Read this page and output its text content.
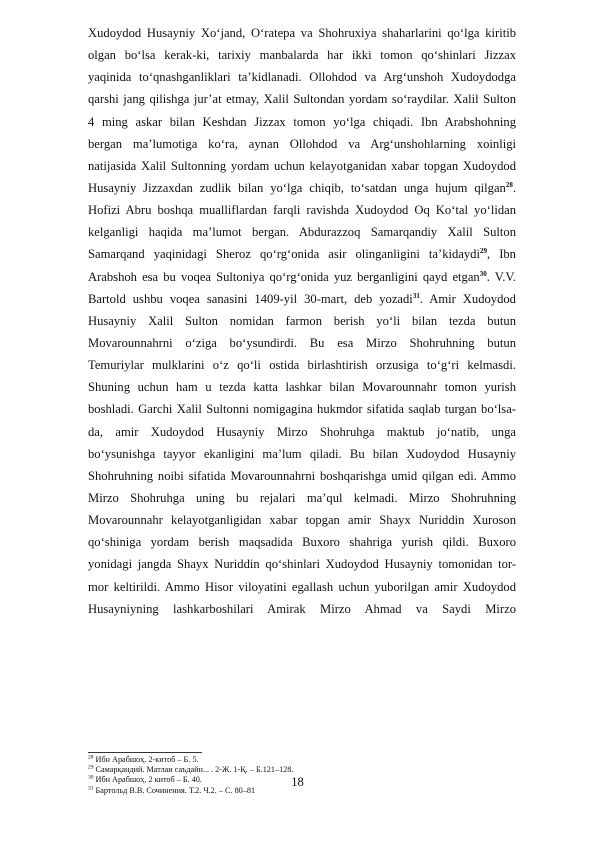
Xudoydod Husayniy Xo‘jand, O‘ratepa va Shohruxiya shaharlarini qo‘lga kiritib
olgan bo‘lsa kerak-ki, tarixiy manbalarda har ikki tomon qo‘shinlari Jizzax
yaqinida to‘qnashganliklari ta’kidlanadi. Ollohdod va Arg‘unshoh Xudoydodga
qarshi jang qilishga jur’at etmay, Xalil Sultondan yordam so‘raydilar. Xalil Sulton
4 ming askar bilan Keshdan Jizzax tomon yo‘lga chiqadi. Ibn Arabshohning
bergan ma’lumotiga ko‘ra, aynan Ollohdod va Arg‘unshohlarning xoinligi
natijasida Xalil Sultonning yordam uchun kelayotganidan xabar topgan Xudoydod
Husayniy Jizzaxdan zudlik bilan yo‘lga chiqib, to‘satdan unga hujum qilgan$^{28}$.
Hofizi Abru boshqa mualliflardan farqli ravishda Xudoydod Oq Ko‘tal yo‘lidan
kelganligi haqida ma’lumot bergan. Abdurazzoq Samarqandiy Xalil Sulton
Samarqand yaqinidagi Sheroz qo‘rg‘onida asir olinganligini ta’kidaydi$^{29}$, Ibn
Arabshoh esa bu voqea Sultoniya qo‘rg‘onida yuz berganligini qayd etgan$^{30}$. V.V.
Bartold ushbu voqea sanasini 1409-yil 30-mart, deb yozadi$^{31}$. Amir Xudoydod
Husayniy Xalil Sulton nomidan farmon berish yo‘li bilan tezda butun
Movarounnahrni o‘ziga bo‘ysundirdi. Bu esa Mirzo Shohruhning butun
Temuriylar mulklarini o‘z qo‘li ostida birlashtirish orzusiga to‘g‘ri kelmasdi.
Shuning uchun ham u tezda katta lashkar bilan Movarounnahr tomon yurish
boshladi. Garchi Xalil Sultonni nomigagina hukmdor sifatida saqlab turgan bo‘lsa-
da, amir Xudoydod Husayniy Mirzo Shohruhga maktub jo‘natib, unga
bo‘ysunishga tayyor ekanligini ma’lum qiladi. Bu bilan Xudoydod Husayniy
Shohruhning noibi sifatida Movarounnahrni boshqarishga umid qilgan edi. Ammo
Mirzo Shohruhga uning bu rejalari ma’qul kelmadi. Mirzo Shohruhning
Movarounnahr kelayotganligidan xabar topgan amir Shayx Nuriddin Xuroson
qo‘shiniga yordam berish maqsadida Buxoro shahriga yurish qildi. Buxoro
yonidagi jangda Shayx Nuriddin qo‘shinlari Xudoydod Husayniy tomonidan tor-
mor keltirildi. Ammo Hisor viloyatini egallash uchun yuborilgan amir Xudoydod
Husayniyning lashkarboshilari Amirak Mirzo Ahmad va Saydi Mirzo
$^{28}$ Ибн Арабшоҳ. 2-китоб – Б. 5.
$^{29}$ Самарқандий. Матлаи саъдайн... . 2-Ж. 1-Қ. – Б.121–128.
$^{30}$ Ибн Арабшоҳ. 2 китоб – Б. 40.
$^{31}$ Бартольд В.В. Сочинения. Т.2. Ч.2. – С. 80–81
18
